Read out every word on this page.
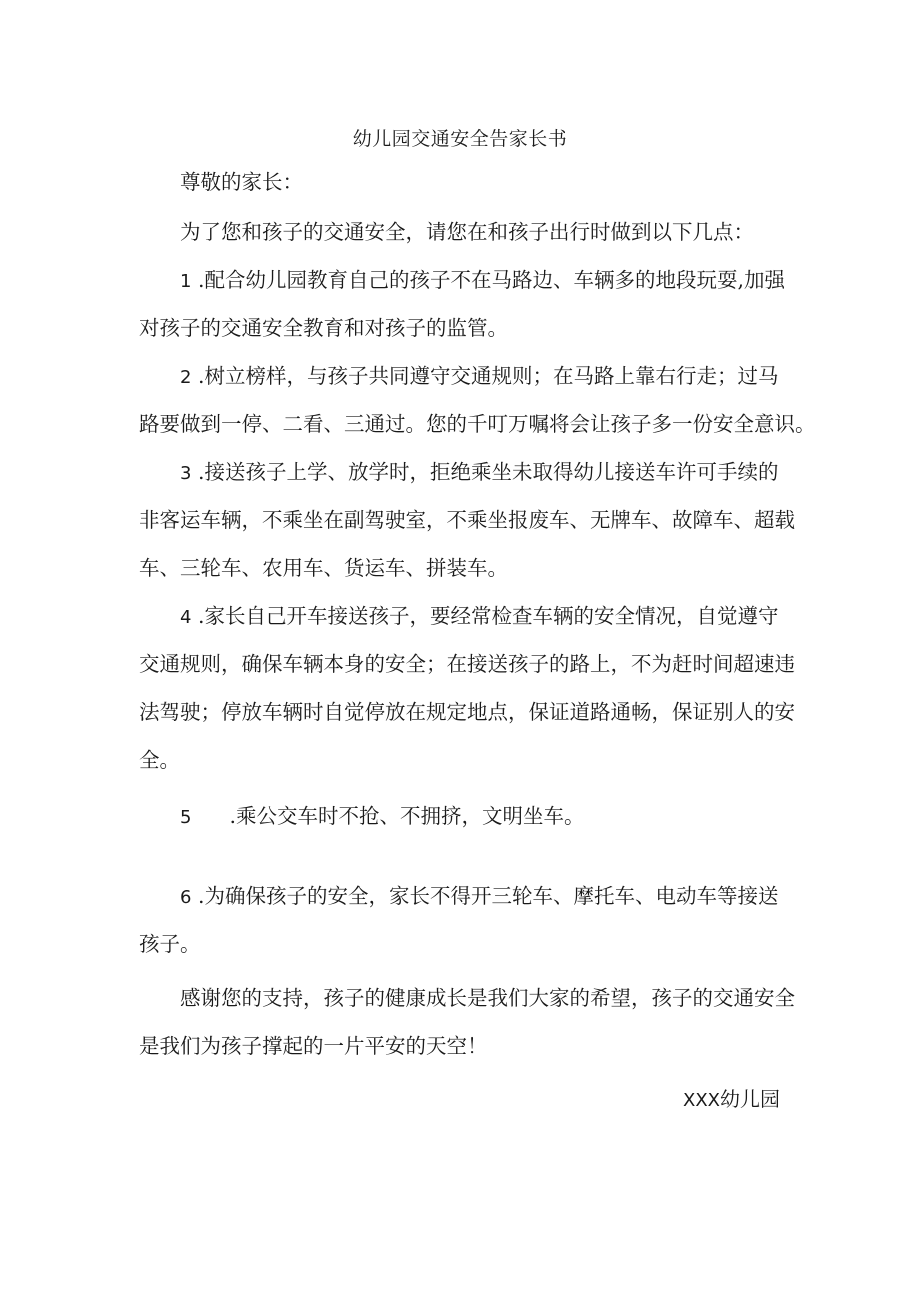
幼儿园交通安全告家长书
尊敬的家长：
为了您和孩子的交通安全，请您在和孩子出行时做到以下几点：
1 .配合幼儿园教育自己的孩子不在马路边、车辆多的地段玩耍,加强
对孩子的交通安全教育和对孩子的监管。
2 .树立榜样，与孩子共同遵守交通规则；在马路上靠右行走；过马
路要做到一停、二看、三通过。您的千叮万嘱将会让孩子多一份安全意识。
3 .接送孩子上学、放学时，拒绝乘坐未取得幼儿接送车许可手续的
非客运车辆，不乘坐在副驾驶室，不乘坐报废车、无牌车、故障车、超载
车、三轮车、农用车、货运车、拼装车。
4 .家长自己开车接送孩子，要经常检查车辆的安全情况，自觉遵守
交通规则，确保车辆本身的安全；在接送孩子的路上，不为赶时间超速违
法驾驶；停放车辆时自觉停放在规定地点，保证道路通畅，保证别人的安
全。
5 .乘公交车时不抢、不拥挤，文明坐车。
6 .为确保孩子的安全，家长不得开三轮车、摩托车、电动车等接送
孩子。
感谢您的支持，孩子的健康成长是我们大家的希望，孩子的交通安全
是我们为孩子撑起的一片平安的天空！
XXX幼儿园
